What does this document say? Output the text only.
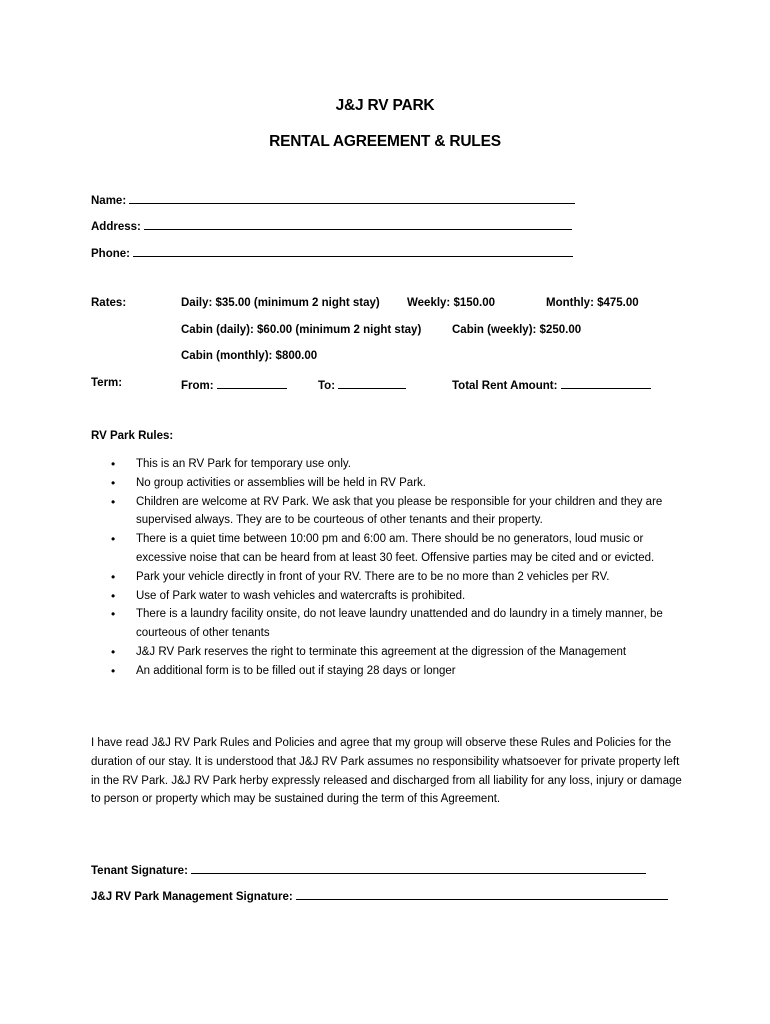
J&J RV PARK
RENTAL AGREEMENT & RULES
Name:
Address:
Phone:
Rates:	Daily: $35.00 (minimum 2 night stay) Weekly: $150.00	Monthly: $475.00
Cabin (daily): $60.00 (minimum 2 night stay)	Cabin (weekly): $250.00
Cabin (monthly): $800.00
Term:	From:	To:	Total Rent Amount:
RV Park Rules:
• This is an RV Park for temporary use only.
• No group activities or assemblies will be held in RV Park.
• Children are welcome at RV Park. We ask that you please be responsible for your children and they are supervised always. They are to be courteous of other tenants and their property.
• There is a quiet time between 10:00 pm and 6:00 am. There should be no generators, loud music or excessive noise that can be heard from at least 30 feet. Offensive parties may be cited and or evicted.
• Park your vehicle directly in front of your RV. There are to be no more than 2 vehicles per RV.
• Use of Park water to wash vehicles and watercrafts is prohibited.
• There is a laundry facility onsite, do not leave laundry unattended and do laundry in a timely manner, be courteous of other tenants
• J&J RV Park reserves the right to terminate this agreement at the digression of the Management
• An additional form is to be filled out if staying 28 days or longer

I have read J&J RV Park Rules and Policies and agree that my group will observe these Rules and Policies for the duration of our stay. It is understood that J&J RV Park assumes no responsibility whatsoever for private property left in the RV Park. J&J RV Park herby expressly released and discharged from all liability for any loss, injury or damage to person or property which may be sustained during the term of this Agreement.

Tenant Signature:
J&J RV Park Management Signature:
